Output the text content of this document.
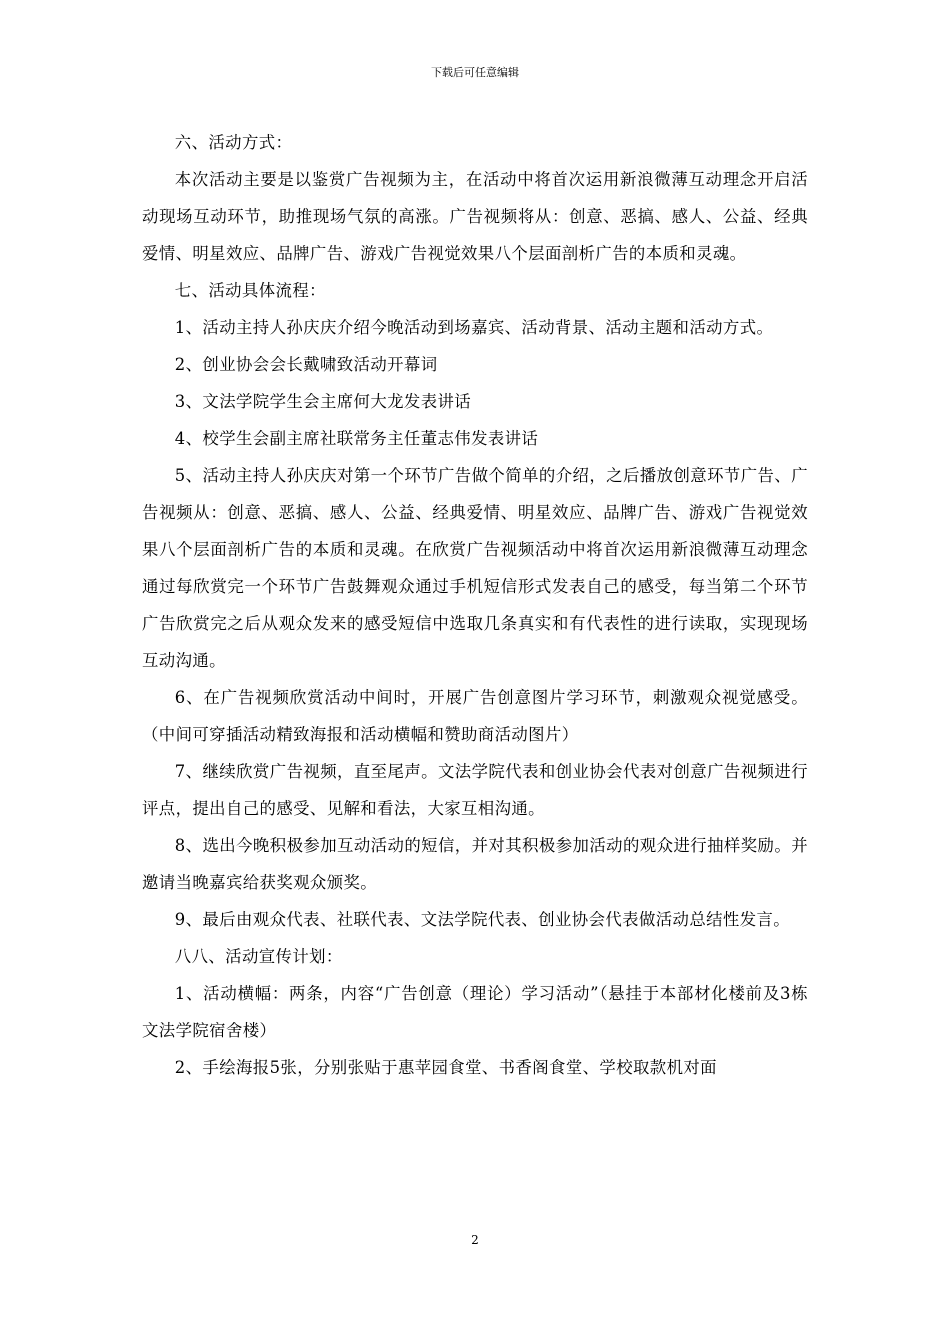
下载后可任意编辑

六、活动方式：

本次活动主要是以鉴赏广告视频为主，在活动中将首次运用新浪微薄互动理念开启活动现场互动环节，助推现场气氛的高涨。广告视频将从：创意、恶搞、感人、公益、经典爱情、明星效应、品牌广告、游戏广告视觉效果八个层面剖析广告的本质和灵魂。

七、活动具体流程：

1、活动主持人孙庆庆介绍今晚活动到场嘉宾、活动背景、活动主题和活动方式。

2、创业协会会长戴啸致活动开幕词

3、文法学院学生会主席何大龙发表讲话

4、校学生会副主席社联常务主任董志伟发表讲话

5、活动主持人孙庆庆对第一个环节广告做个简单的介绍，之后播放创意环节广告、广告视频从：创意、恶搞、感人、公益、经典爱情、明星效应、品牌广告、游戏广告视觉效果八个层面剖析广告的本质和灵魂。在欣赏广告视频活动中将首次运用新浪微薄互动理念通过每欣赏完一个环节广告鼓舞观众通过手机短信形式发表自己的感受，每当第二个环节广告欣赏完之后从观众发来的感受短信中选取几条真实和有代表性的进行读取，实现现场互动沟通。

6、在广告视频欣赏活动中间时，开展广告创意图片学习环节，刺激观众视觉感受。（中间可穿插活动精致海报和活动横幅和赞助商活动图片）

7、继续欣赏广告视频，直至尾声。文法学院代表和创业协会代表对创意广告视频进行评点，提出自己的感受、见解和看法，大家互相沟通。

8、选出今晚积极参加互动活动的短信，并对其积极参加活动的观众进行抽样奖励。并邀请当晚嘉宾给获奖观众颁奖。

9、最后由观众代表、社联代表、文法学院代表、创业协会代表做活动总结性发言。

八八、活动宣传计划：

1、活动横幅：两条，内容“广告创意（理论）学习活动”（悬挂于本部材化楼前及3栋文法学院宿舍楼）

2、手绘海报5张，分别张贴于惠苹园食堂、书香阁食堂、学校取款机对面

2
